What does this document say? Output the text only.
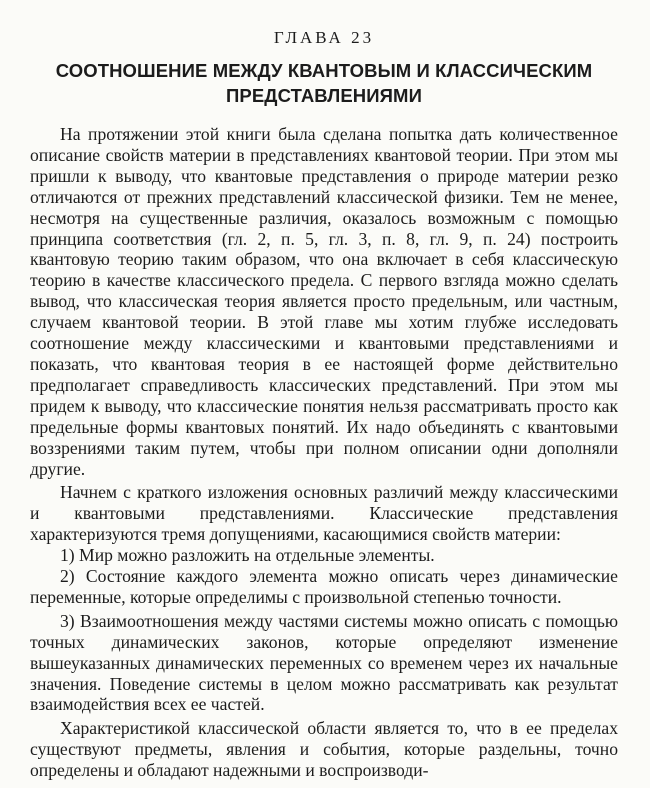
ГЛАВА 23
СООТНОШЕНИЕ МЕЖДУ КВАНТОВЫМ И КЛАССИЧЕСКИМ
ПРЕДСТАВЛЕНИЯМИ

На протяжении этой книги была сделана попытка дать количественное описание свойств материи в представлениях квантовой теории. При этом мы пришли к выводу, что квантовые представления о природе материи резко отличаются от прежних представлений классической физики. Тем не менее, несмотря на существенные различия, оказалось возможным с помощью принципа соответствия (гл. 2, п. 5, гл. 3, п. 8, гл. 9, п. 24) построить квантовую теорию таким образом, что она включает в себя классическую теорию в качестве классического предела. С первого взгляда можно сделать вывод, что классическая теория является просто предельным, или частным, случаем квантовой теории. В этой главе мы хотим глубже исследовать соотношение между классическими и квантовыми представлениями и показать, что квантовая теория в ее настоящей форме действительно предполагает справедливость классических представлений. При этом мы придем к выводу, что классические понятия нельзя рассматривать просто как предельные формы квантовых понятий. Их надо объединять с квантовыми воззрениями таким путем, чтобы при полном описании одни дополняли другие.

Начнем с краткого изложения основных различий между классическими и квантовыми представлениями. Классические представления характеризуются тремя допущениями, касающимися свойств материи:

1) Мир можно разложить на отдельные элементы.

2) Состояние каждого элемента можно описать через динамические переменные, которые определимы с произвольной степенью точности.

3) Взаимоотношения между частями системы можно описать с помощью точных динамических законов, которые определяют изменение вышеуказанных динамических переменных со временем через их начальные значения. Поведение системы в целом можно рассматривать как результат взаимодействия всех ее частей.

Характеристикой классической области является то, что в ее пределах существуют предметы, явления и события, которые раздельны, точно определены и обладают надежными и воспроизводи-
